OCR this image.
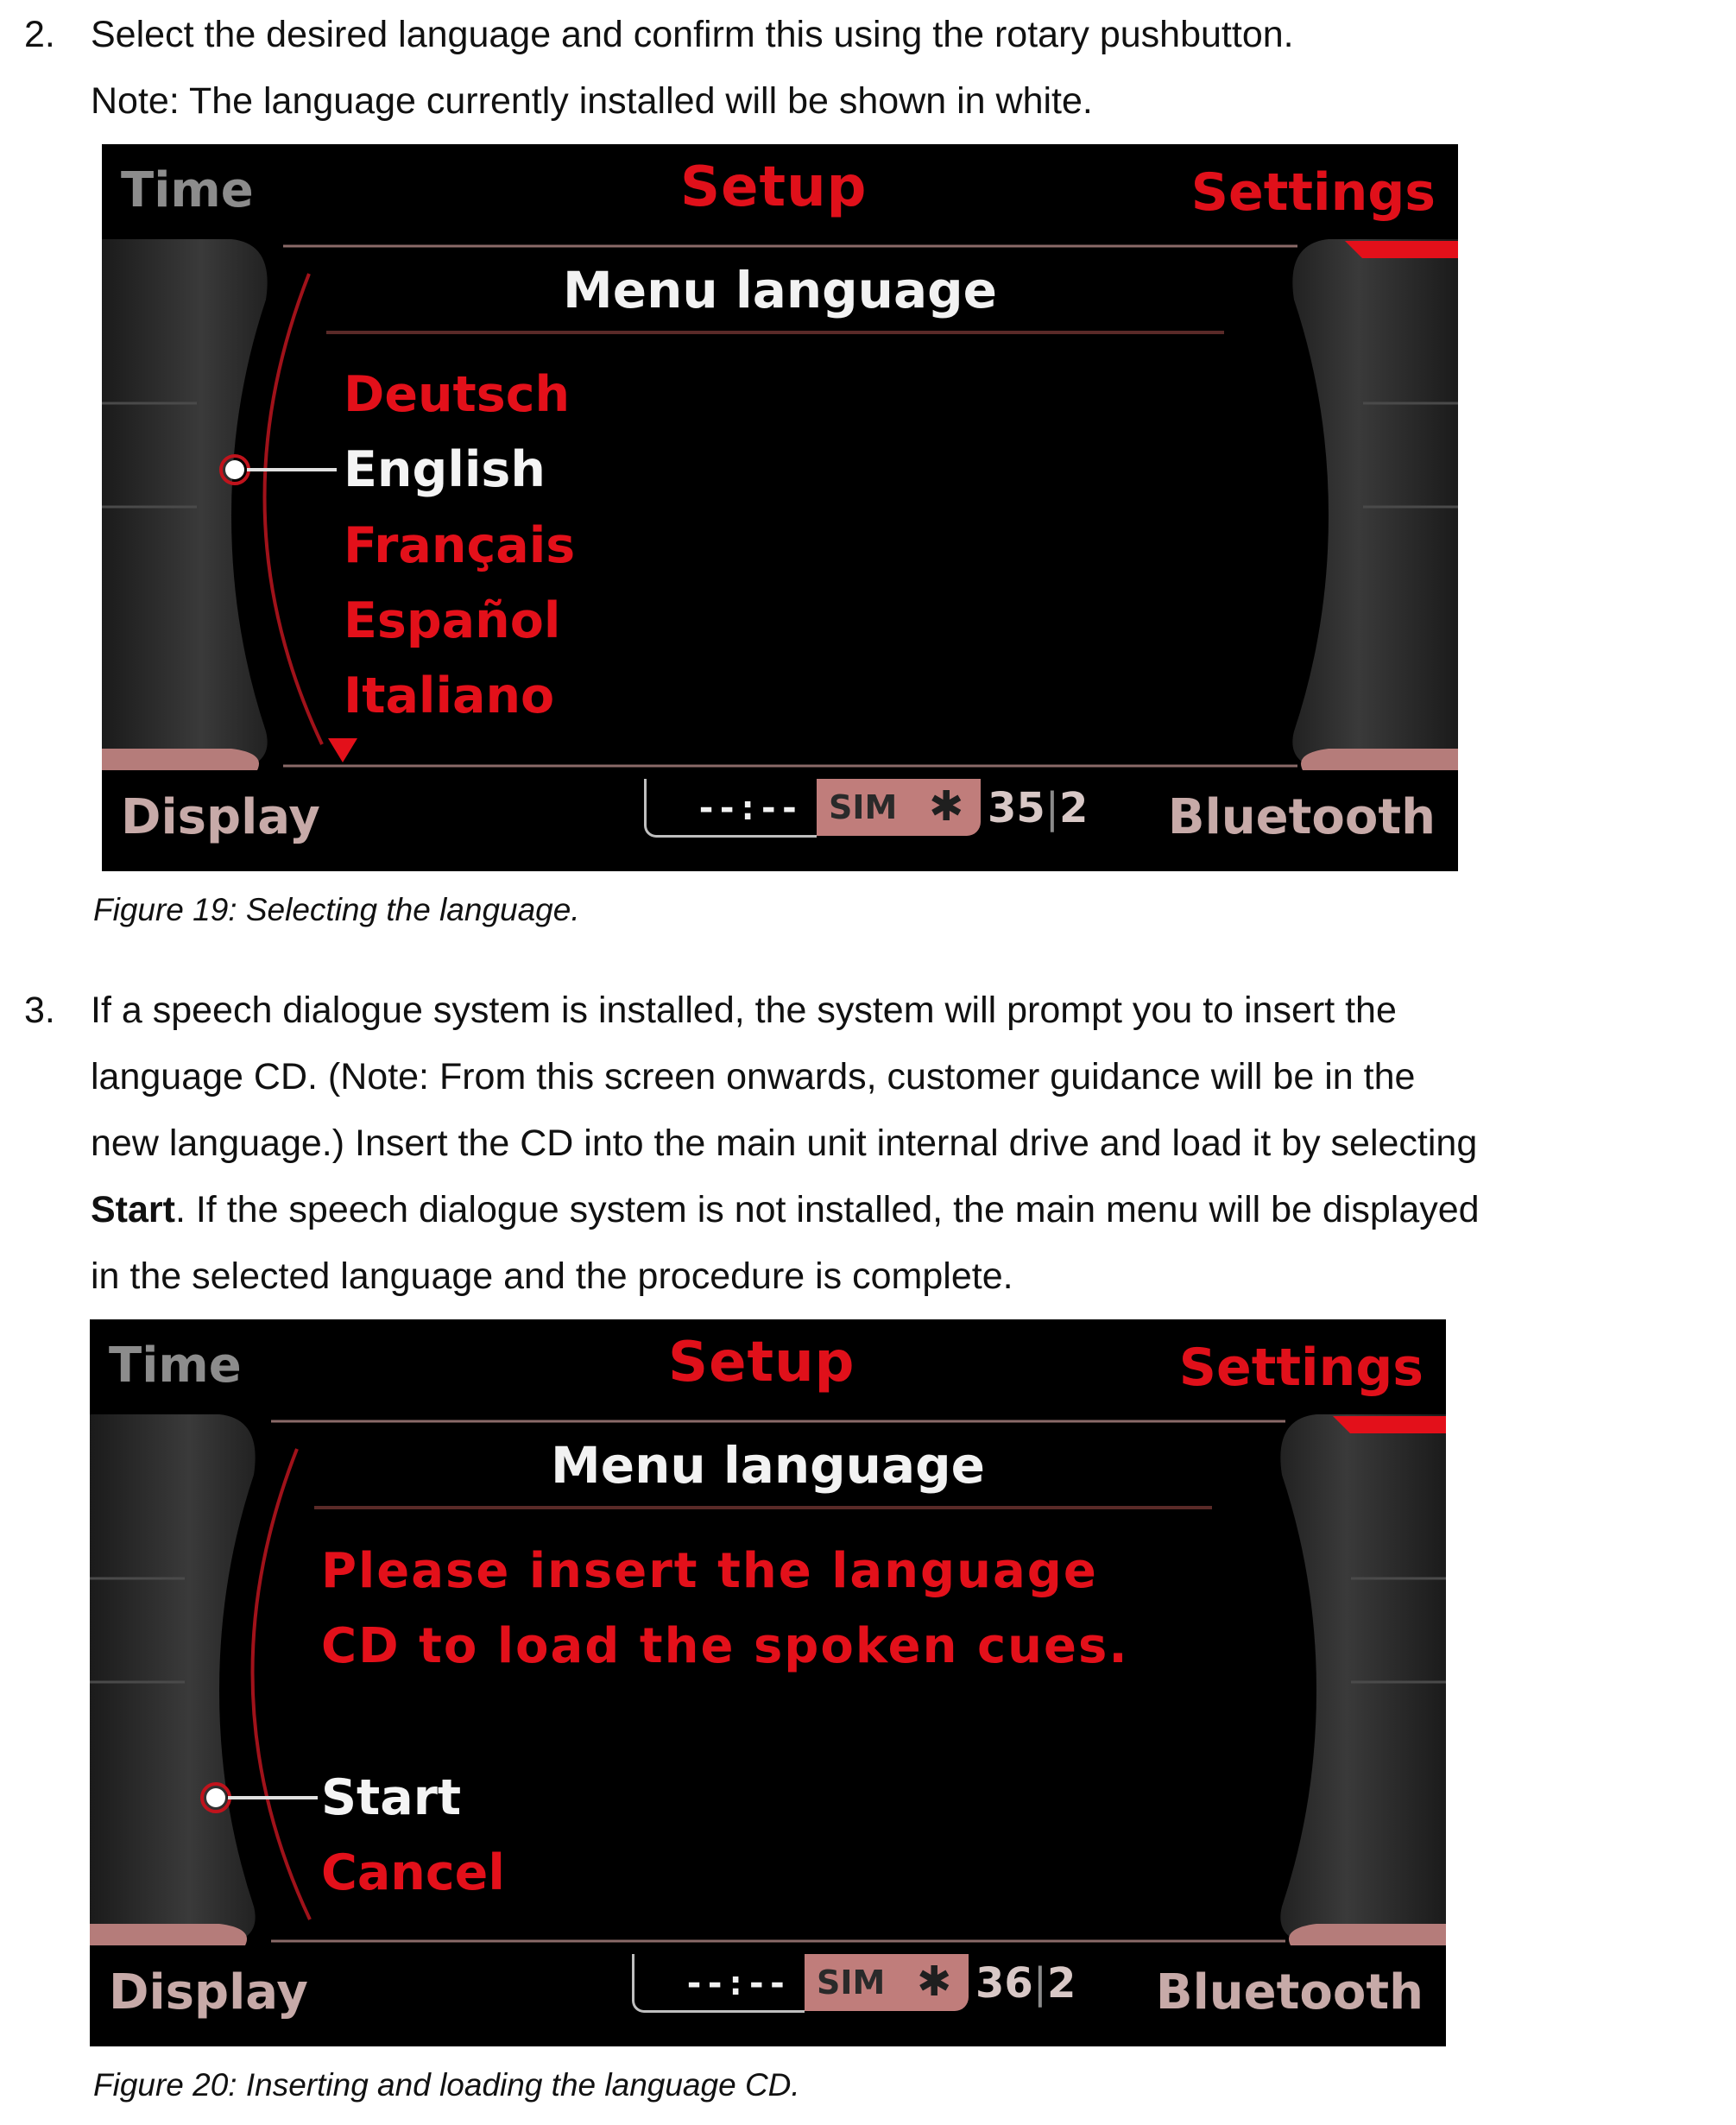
2. Select the desired language and confirm this using the rotary pushbutton.
Note: The language currently installed will be shown in white.
Time	Setup	Settings
Menu language
Deutsch
English
Français
Español
Italiano
Display	Bluetooth
--:-- SIM ✱ 35|2
Figure 19: Selecting the language.
3. If a speech dialogue system is installed, the system will prompt you to insert the
language CD. (Note: From this screen onwards, customer guidance will be in the
new language.) Insert the CD into the main unit internal drive and load it by selecting
Start. If the speech dialogue system is not installed, the main menu will be displayed
in the selected language and the procedure is complete.
Time	Setup	Settings
Menu language
Please insert the language
CD to load the spoken cues.
Start
Cancel
Display	Bluetooth
--:-- SIM ✱ 36|2
Figure 20: Inserting and loading the language CD.
